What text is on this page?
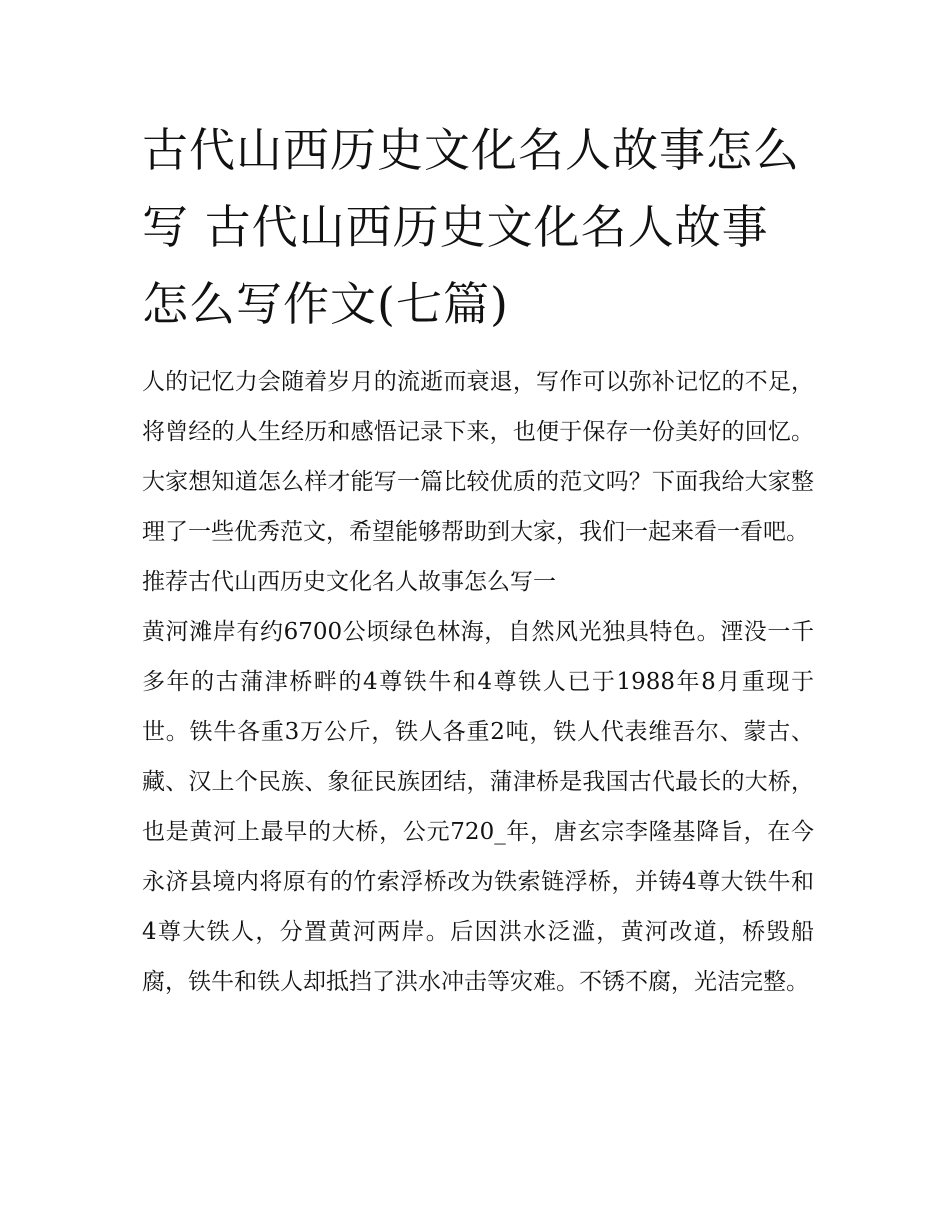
古代山西历史文化名人故事怎么写 古代山西历史文化名人故事怎么写作文(七篇)

人的记忆力会随着岁月的流逝而衰退，写作可以弥补记忆的不足，将曾经的人生经历和感悟记录下来，也便于保存一份美好的回忆。大家想知道怎么样才能写一篇比较优质的范文吗？下面我给大家整理了一些优秀范文，希望能够帮助到大家，我们一起来看一看吧。

推荐古代山西历史文化名人故事怎么写一

黄河滩岸有约6700公顷绿色林海，自然风光独具特色。湮没一千多年的古蒲津桥畔的4尊铁牛和4尊铁人已于1988年8月重现于世。铁牛各重3万公斤，铁人各重2吨，铁人代表维吾尔、蒙古、藏、汉上个民族、象征民族团结，蒲津桥是我国古代最长的大桥，也是黄河上最早的大桥，公元720_年，唐玄宗李隆基降旨，在今永济县境内将原有的竹索浮桥改为铁索链浮桥，并铸4尊大铁牛和4尊大铁人，分置黄河两岸。后因洪水泛滥，黄河改道，桥毁船腐，铁牛和铁人却抵挡了洪水冲击等灾难。不锈不腐，光洁完整。
